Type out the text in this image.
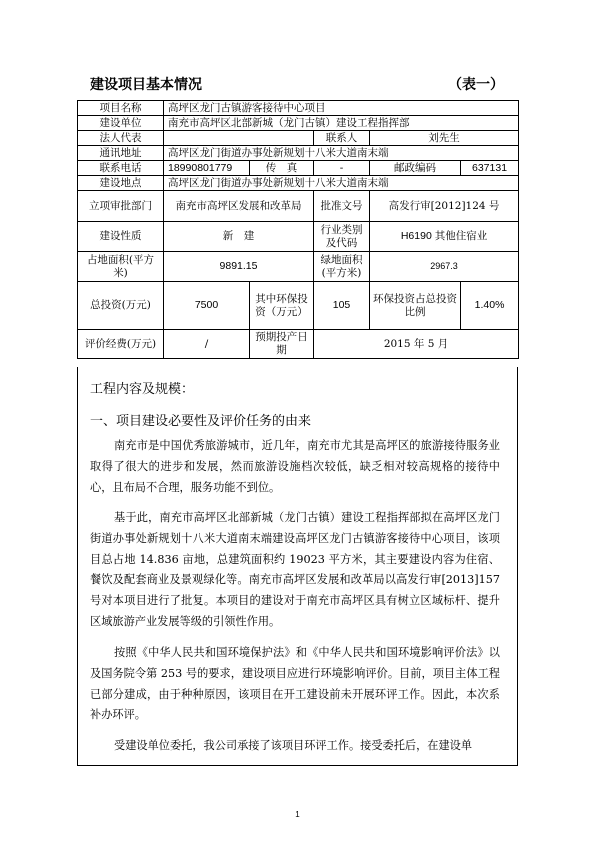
建设项目基本情况	（表一）
项目名称	高坪区龙门古镇游客接待中心项目				
建设单位	南充市高坪区北部新城（龙门古镇）建设工程指挥部				
法人代表			联系人	刘先生	
通讯地址	高坪区龙门街道办事处新规划十八米大道南末端				
联系电话	18990801779	传　真	-	邮政编码	637131
建设地点	高坪区龙门街道办事处新规划十八米大道南末端				
立项审批部门	南充市高坪区发展和改革局		批准文号	高发行审[2012]124 号	
建设性质	新　建		行业类别及代码	H6190 其他住宿业	
占地面积(平方米)	9891.15		绿地面积(平方米)	2967.3	
总投资(万元)	7500	其中环保投资（万元）	105	环保投资占总投资比例	1.40%
评价经费(万元)	/	预期投产日期	2015 年 5 月		
工程内容及规模：
一、项目建设必要性及评价任务的由来

南充市是中国优秀旅游城市，近几年，南充市尤其是高坪区的旅游接待服务业取得了很大的进步和发展，然而旅游设施档次较低，缺乏相对较高规格的接待中心，且布局不合理，服务功能不到位。

基于此，南充市高坪区北部新城（龙门古镇）建设工程指挥部拟在高坪区龙门街道办事处新规划十八米大道南末端建设高坪区龙门古镇游客接待中心项目，该项目总占地 14.836 亩地，总建筑面积约 19023 平方米，其主要建设内容为住宿、餐饮及配套商业及景观绿化等。南充市高坪区发展和改革局以高发行审[2013]157 号对本项目进行了批复。本项目的建设对于南充市高坪区具有树立区域标杆、提升区域旅游产业发展等级的引领性作用。

按照《中华人民共和国环境保护法》和《中华人民共和国环境影响评价法》以及国务院令第 253 号的要求，建设项目应进行环境影响评价。目前，项目主体工程已部分建成，由于种种原因，该项目在开工建设前未开展环评工作。因此，本次系补办环评。

受建设单位委托，我公司承接了该项目环评工作。接受委托后，在建设单

1
